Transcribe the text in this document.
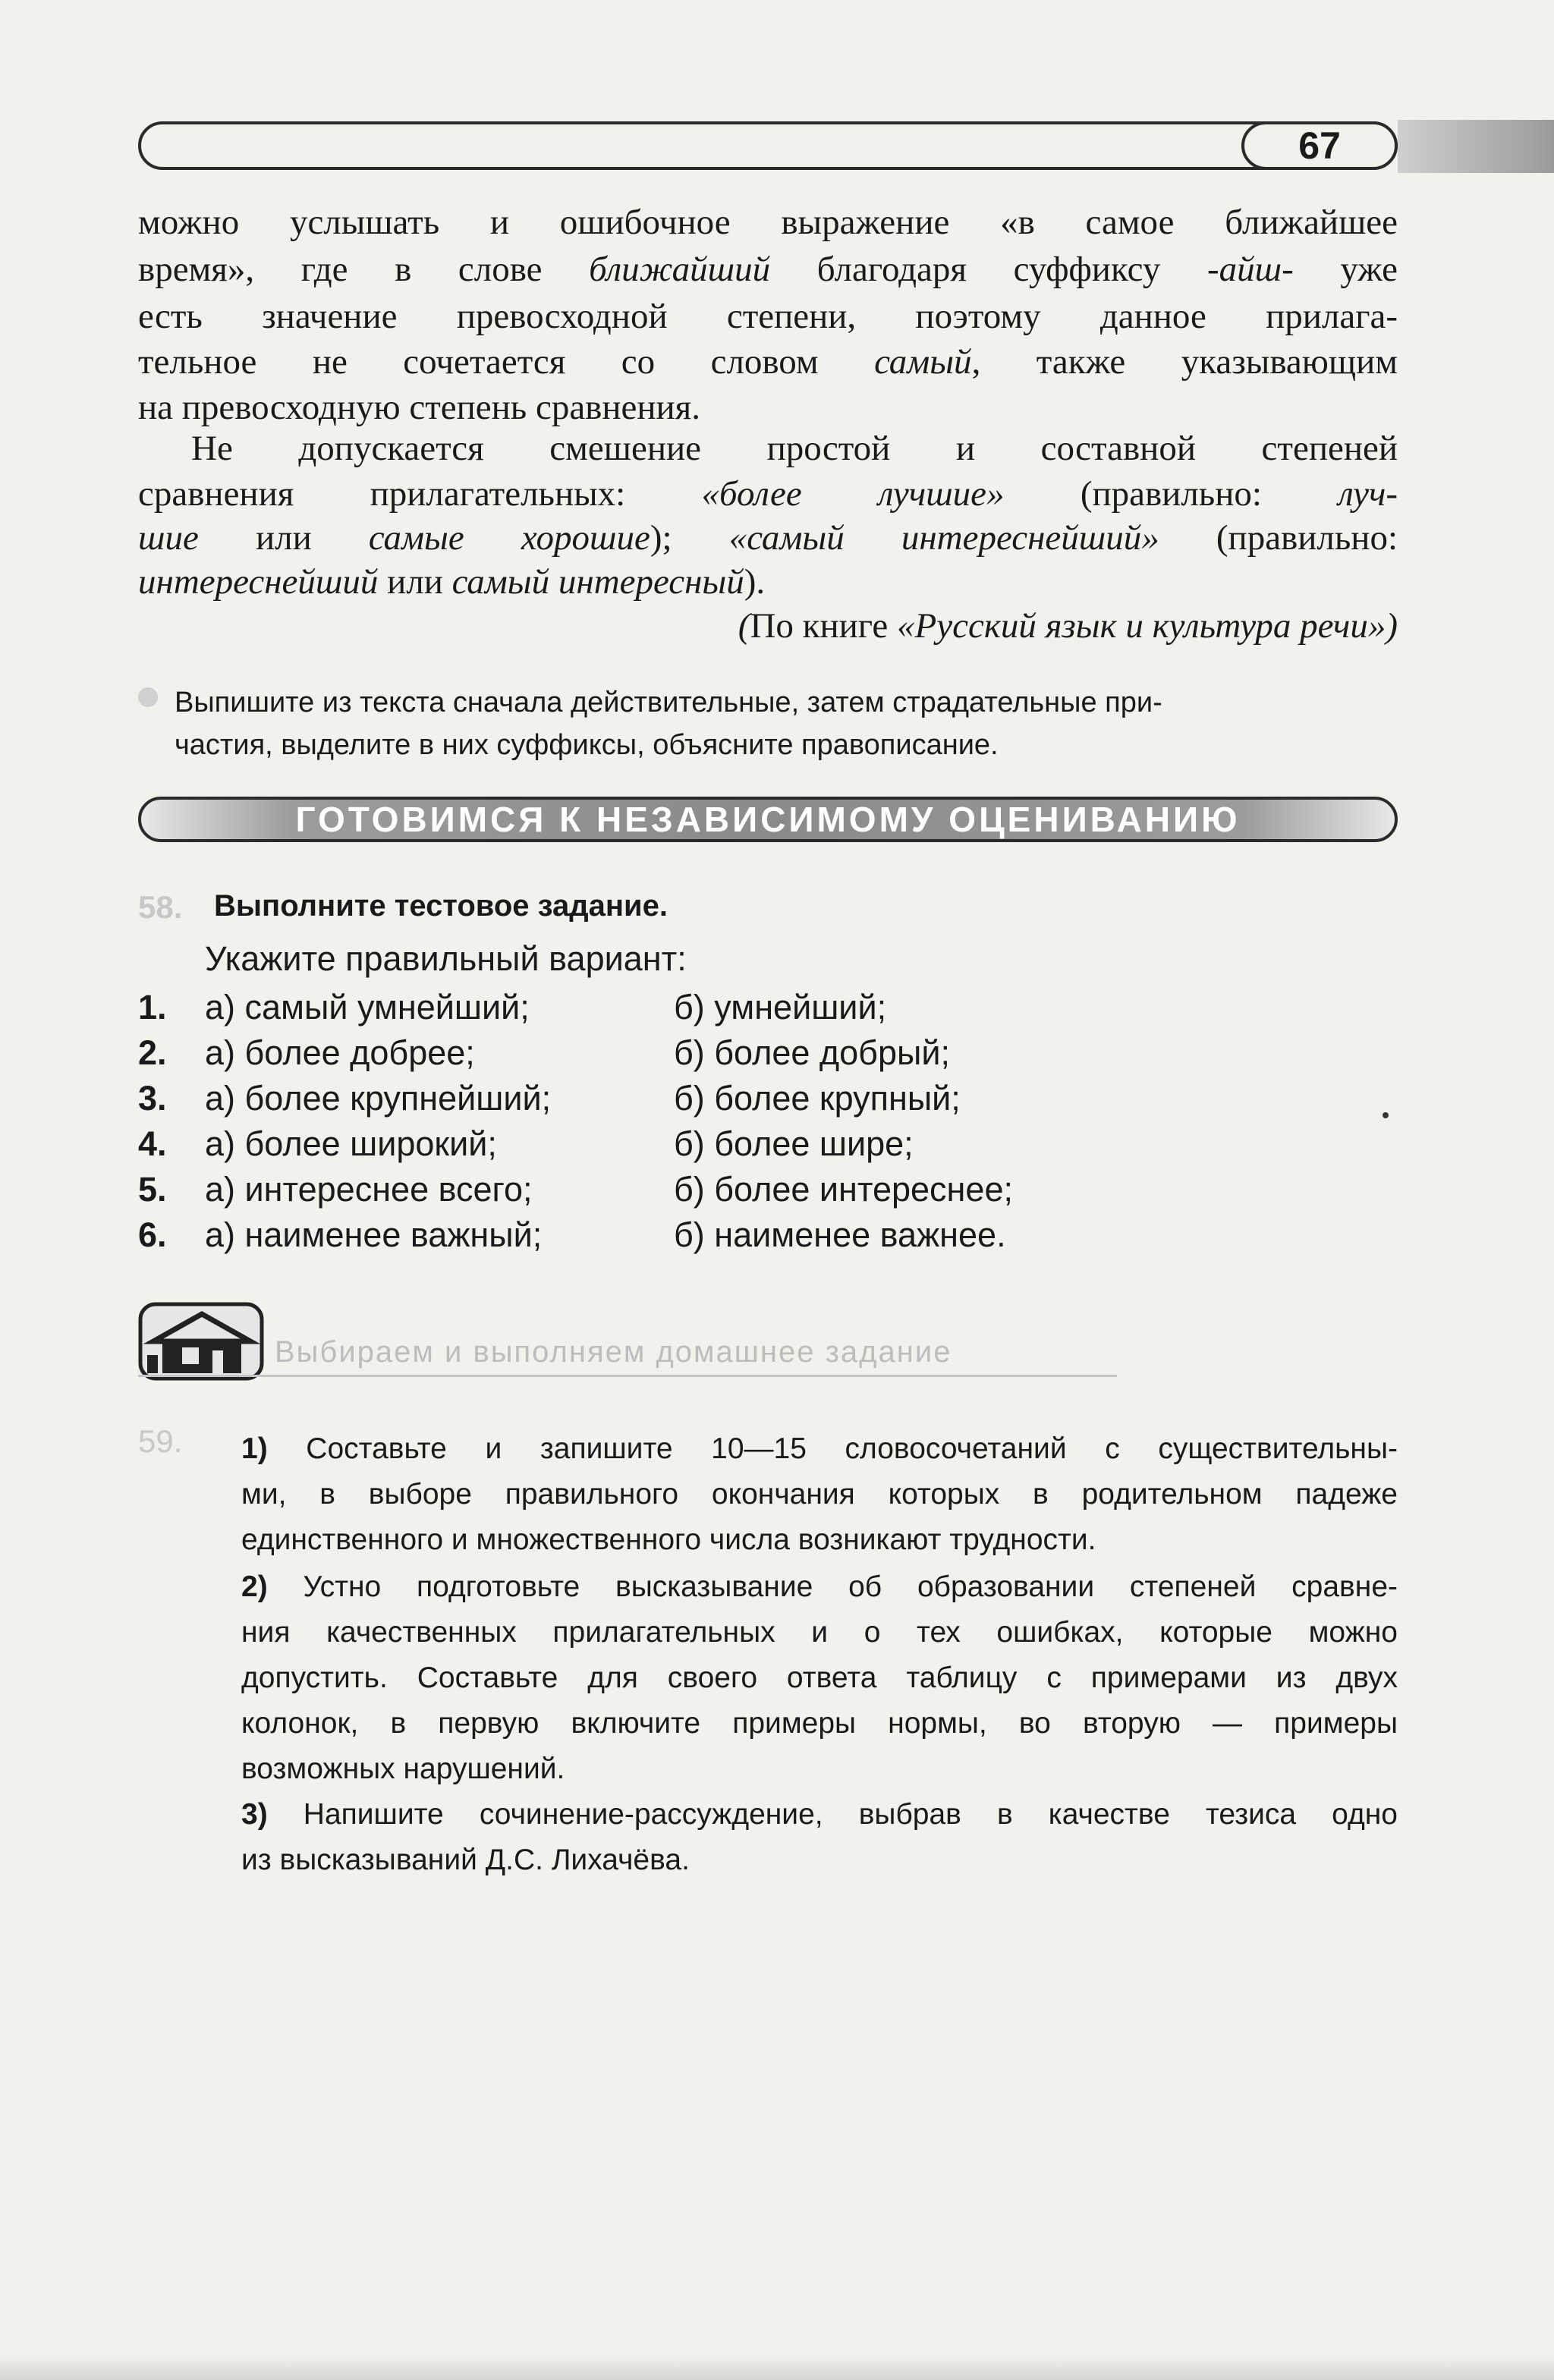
67
можно услышать и ошибочное выражение «в самое ближайшее
время», где в слове ближайший благодаря суффиксу -айш- уже
есть значение превосходной степени, поэтому данное прилага-
тельное не сочетается со словом самый, также указывающим
на превосходную степень сравнения.
Не допускается смешение простой и составной степеней
сравнения прилагательных: «более лучшие» (правильно: луч-
шие или самые хорошие); «самый интереснейший» (правильно:
интереснейший или самый интересный).
(По книге «Русский язык и культура речи»)
Выпишите из текста сначала действительные, затем страдательные при-
частия, выделите в них суффиксы, объясните правописание.
ГОТОВИМСЯ К НЕЗАВИСИМОМУ ОЦЕНИВАНИЮ
58. Выполните тестовое задание.
Укажите правильный вариант:
1. а) самый умнейший;	б) умнейший;
2. а) более добрее;	б) более добрый;
3. а) более крупнейший;	б) более крупный;
4. а) более широкий;	б) более шире;
5. а) интереснее всего;	б) более интереснее;
6. а) наименее важный;	б) наименее важнее.
Выбираем и выполняем домашнее задание
59. 1) Составьте и запишите 10—15 словосочетаний с существительны-
ми, в выборе правильного окончания которых в родительном падеже
единственного и множественного числа возникают трудности.
2) Устно подготовьте высказывание об образовании степеней сравне-
ния качественных прилагательных и о тех ошибках, которые можно
допустить. Составьте для своего ответа таблицу с примерами из двух
колонок, в первую включите примеры нормы, во вторую — примеры
возможных нарушений.
3) Напишите сочинение-рассуждение, выбрав в качестве тезиса одно
из высказываний Д.С. Лихачёва.
